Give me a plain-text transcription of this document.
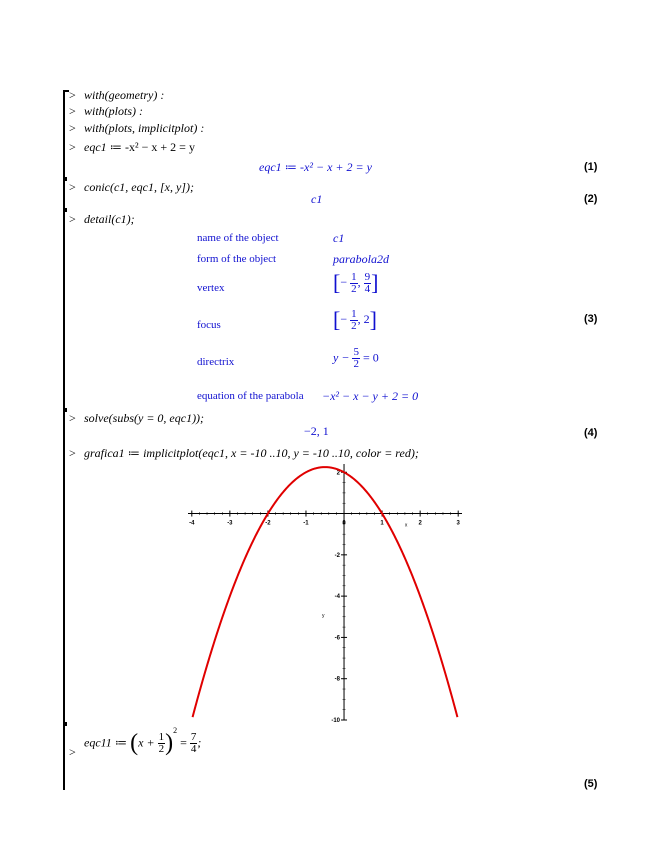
> with(geometry) :
> with(plots) :
> with(plots, implicitplot) :
> eqc1 ≔ -x² − x + 2 = y
eqc1 ≔ -x² − x + 2 = y	(1)
> conic(c1, eqc1, [x, y]);
c1	(2)
> detail(c1);
name of the object	c1
form of the object	parabola2d
vertex	[− $\frac{1}{2}$ , $\frac{9}{4}$ ]
focus	[− $\frac{1}{2}$ , 2]	(3)
directrix	$y - \frac{5}{2} = 0$
equation of the parabola −x² − x − y + 2 = 0
> solve(subs(y = 0, eqc1));
−2, 1	(4)
> grafica1 ≔ implicitplot(eqc1, x = -10 ..10, y = -10 ..10, color = red);
-4	-3	-2	-1	0	1	2	3
2
-2
-4
-6
-8
-10
x
y
>
eqc11 ≔ $(x + \frac{1}{2} )^2 = \frac{7}{4}$ ;
(5)
